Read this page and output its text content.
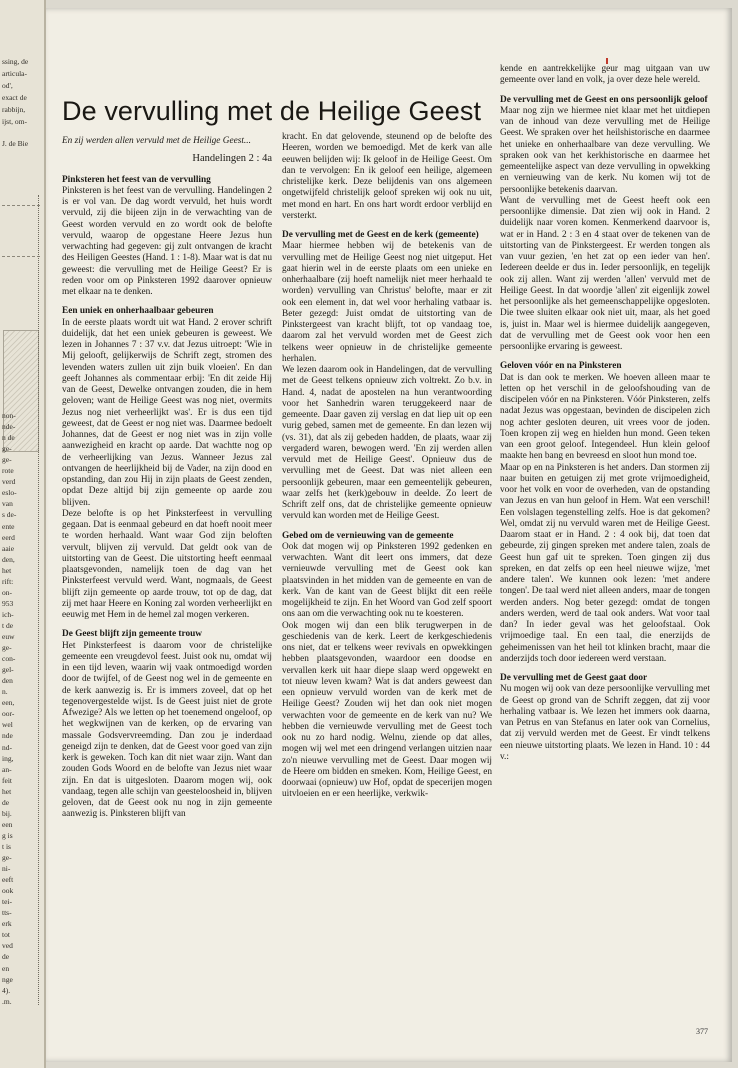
ssing, de
articula-
od',
exact de
rabbijn,
ijst, om-
J. de Bie
non-
nde-
n de
ge-
ge-
rote
verd
eslo-
van
s de-
ente
eerd
aaie
den,
het
rift:
on-
953
ich-
t de
euw
ge-
con-
gel-
den
n.
een,
oor-
wel
nde
nd-
ing,
an-
feit
het
de
bij.
een
g is
t is
ge-
ni-
eeft
ook
tei-
tts-
erk
tot
ved
de
en
nge
4).
.m.
De vervulling met de Heilige Geest

En zij werden allen vervuld met de Heilige Geest...

Handelingen 2 : 4a

Pinksteren het feest van de vervulling

Pinksteren is het feest van de vervulling. Handelingen 2 is er vol van. De dag wordt vervuld, het huis wordt vervuld, zij die bijeen zijn in de verwachting van de Geest worden vervuld en zo wordt ook de belofte vervuld, waarop de opgestane Heere Jezus hun verwachting had gegeven: gij zult ontvangen de kracht des Heiligen Geestes (Hand. 1 : 1-8). Maar wat is dat nu geweest: die vervulling met de Heilige Geest? Er is reden voor om op Pinksteren 1992 daarover opnieuw met elkaar na te denken.

Een uniek en onherhaalbaar gebeuren

In de eerste plaats wordt uit wat Hand. 2 erover schrift duidelijk, dat het een uniek gebeuren is geweest. We lezen in Johannes 7 : 37 v.v. dat Jezus uitroept: 'Wie in Mij gelooft, gelijkerwijs de Schrift zegt, stromen des levenden waters zullen uit zijn buik vloeien'. En dan geeft Johannes als commentaar erbij: 'En dit zeide Hij van de Geest, Dewelke ontvangen zouden, die in hem geloven; want de Heilige Geest was nog niet, overmits Jezus nog niet verheerlijkt was'. Er is dus een tijd geweest, dat de Geest er nog niet was. Daarmee bedoelt Johannes, dat de Geest er nog niet was in zijn volle aanwezigheid en kracht op aarde. Dat wachtte nog op de verheerlijking van Jezus. Wanneer Jezus zal ontvangen de heerlijkheid bij de Vader, na zijn dood en opstanding, dan zou Hij in zijn plaats de Geest zenden, opdat Deze altijd bij zijn gemeente op aarde zou blijven.

Deze belofte is op het Pinksterfeest in vervulling gegaan. Dat is eenmaal gebeurd en dat hoeft nooit meer te worden herhaald. Want waar God zijn beloften vervult, blijven zij vervuld. Dat geldt ook van de uitstorting van de Geest. Die uitstorting heeft eenmaal plaatsgevonden, namelijk toen de dag van het Pinksterfeest vervuld werd. Want, nogmaals, de Geest blijft zijn gemeente op aarde trouw, tot op de dag, dat zij met haar Heere en Koning zal worden verheerlijkt en eeuwig met Hem in de hemel zal mogen verkeren.

De Geest blijft zijn gemeente trouw

Het Pinksterfeest is daarom voor de christelijke gemeente een vreugdevol feest. Juist ook nu, omdat wij in een tijd leven, waarin wij vaak ontmoedigd worden door de twijfel, of de Geest nog wel in de gemeente en de kerk aanwezig is. Er is immers zoveel, dat op het tegenovergestelde wijst. Is de Geest juist niet de grote Afwezige? Als we letten op het toenemend ongeloof, op het wegkwijnen van de kerken, op de ervaring van massale Godsvervreemding. Dan zou je inderdaad geneigd zijn te denken, dat de Geest voor goed van zijn kerk is geweken. Toch kan dit niet waar zijn. Want dan zouden Gods Woord en de belofte van Jezus niet waar zijn. En dat is uitgesloten. Daarom mogen wij, ook vandaag, tegen alle schijn van geesteloosheid in, blijven geloven, dat de Geest ook nu nog in zijn gemeente aanwezig is. Pinksteren blijft van

kracht. En dat gelovende, steunend op de belofte des Heeren, worden we bemoedigd. Met de kerk van alle eeuwen belijden wij: Ik geloof in de Heilige Geest. Om dan te vervolgen: En ik geloof een heilige, algemeen christelijke kerk. Deze belijdenis van ons algemeen ongetwijfeld christelijk geloof spreken wij ook nu uit, met mond en hart. En ons hart wordt erdoor verblijd en versterkt.

De vervulling met de Geest en de kerk (gemeente)

Maar hiermee hebben wij de betekenis van de vervulling met de Heilige Geest nog niet uitgeput. Het gaat hierin wel in de eerste plaats om een unieke en onherhaalbare (zij hoeft namelijk niet meer herhaald te worden) vervulling van Christus' belofte, maar er zit ook een element in, dat wel voor herhaling vatbaar is. Beter gezegd: Juist omdat de uitstorting van de Pinkstergeest van kracht blijft, tot op vandaag toe, daarom zal het vervuld worden met de Geest zich telkens weer opnieuw in de christelijke gemeente herhalen.

We lezen daarom ook in Handelingen, dat de vervulling met de Geest telkens opnieuw zich voltrekt. Zo b.v. in Hand. 4, nadat de apostelen na hun verantwoording voor het Sanhedrin waren teruggekeerd naar de gemeente. Daar gaven zij verslag en dat liep uit op een vurig gebed, samen met de gemeente. En dan lezen wij (vs. 31), dat als zij gebeden hadden, de plaats, waar zij vergaderd waren, bewogen werd. 'En zij werden allen vervuld met de Heilige Geest'. Opnieuw dus de vervulling met de Geest. Dat was niet alleen een persoonlijk gebeuren, maar een gemeentelijk gebeuren, waar zelfs het (kerk)gebouw in deelde. Zo leert de Schrift zelf ons, dat de christelijke gemeente opnieuw vervuld kan worden met de Heilige Geest.

Gebed om de vernieuwing van de gemeente

Ook dat mogen wij op Pinksteren 1992 gedenken en verwachten. Want dit leert ons immers, dat deze vernieuwde vervulling met de Geest ook kan plaatsvinden in het midden van de gemeente en van de kerk. Van de kant van de Geest blijkt dit een reële mogelijkheid te zijn. En het Woord van God zelf spoort ons aan om die verwachting ook nu te koesteren.

Ook mogen wij dan een blik terugwerpen in de geschiedenis van de kerk. Leert de kerkgeschiedenis ons niet, dat er telkens weer revivals en opwekkingen hebben plaatsgevonden, waardoor een doodse en vervallen kerk uit haar diepe slaap werd opgewekt en tot nieuw leven kwam? Wat is dat anders geweest dan een opnieuw vervuld worden van de kerk met de Heilige Geest? Zouden wij het dan ook niet mogen verwachten voor de gemeente en de kerk van nu? We hebben die vernieuwde vervulling met de Geest toch ook nu zo hard nodig. Welnu, ziende op dat alles, mogen wij wel met een dringend verlangen uitzien naar zo'n nieuwe vervulling met de Geest. Daar mogen wij de Heere om bidden en smeken. Kom, Heilige Geest, en doorwaai (opnieuw) uw Hof, opdat de specerijen mogen uitvloeien en er een heerlijke, verkwik-

kende en aantrekkelijke geur mag uitgaan van uw gemeente over land en volk, ja over deze hele wereld.

De vervulling met de Geest en ons persoonlijk geloof

Maar nog zijn we hiermee niet klaar met het uitdiepen van de inhoud van deze vervulling met de Heilige Geest. We spraken over het heilshistorische en daarmee het unieke en onherhaalbare van deze vervulling. We spraken ook van het kerkhistorische en daarmee het gemeentelijke aspect van deze vervulling in opwekking en vernieuwing van de kerk. Nu komen wij tot de persoonlijke betekenis daarvan.

Want de vervulling met de Geest heeft ook een persoonlijke dimensie. Dat zien wij ook in Hand. 2 duidelijk naar voren komen. Kenmerkend daarvoor is, wat er in Hand. 2 : 3 en 4 staat over de tekenen van de uitstorting van de Pinkstergeest. Er werden tongen als van vuur gezien, 'en het zat op een ieder van hen'. Iedereen deelde er dus in. Ieder persoonlijk, en tegelijk ook zij allen. Want zij werden 'allen' vervuld met de Heilige Geest. In dat woordje 'allen' zit eigenlijk zowel het persoonlijke als het gemeenschappelijke opgesloten. Die twee sluiten elkaar ook niet uit, maar, als het goed is, juist in. Maar wel is hiermee duidelijk aangegeven, dat de vervulling met de Geest ook voor hen een persoonlijke ervaring is geweest.

Geloven vóór en na Pinksteren

Dat is dan ook te merken. We hoeven alleen maar te letten op het verschil in de geloofshouding van de discipelen vóór en na Pinksteren. Vóór Pinksteren, zelfs nadat Jezus was opgestaan, bevinden de discipelen zich nog achter gesloten deuren, uit vrees voor de joden. Toen kropen zij weg en hielden hun mond. Geen teken van een groot geloof. Integendeel. Hun klein geloof maakte hen bang en bevreesd en sloot hun mond toe.

Maar op en na Pinksteren is het anders. Dan stormen zij naar buiten en getuigen zij met grote vrijmoedigheid, voor het volk en voor de overheden, van de opstanding van Jezus en van hun geloof in Hem. Wat een verschil! Een volslagen tegenstelling zelfs. Hoe is dat gekomen? Wel, omdat zij nu vervuld waren met de Heilige Geest. Daarom staat er in Hand. 2 : 4 ook bij, dat toen dat gebeurde, zij gingen spreken met andere talen, zoals de Geest hun gaf uit te spreken. Toen gingen zij dus spreken, en dat zelfs op een heel nieuwe wijze, 'met andere talen'. We kunnen ook lezen: 'met andere tongen'. De taal werd niet alleen anders, maar de tongen werden anders. Nog beter gezegd: omdat de tongen anders werden, werd de taal ook anders. Wat voor taal dan? In ieder geval was het geloofstaal. Ook vrijmoedige taal. En een taal, die enerzijds de geheimenissen van het heil tot klinken bracht, maar die anderzijds toch door iedereen werd verstaan.

De vervulling met de Geest gaat door

Nu mogen wij ook van deze persoonlijke vervulling met de Geest op grond van de Schrift zeggen, dat zij voor herhaling vatbaar is. We lezen het immers ook daarna, van Petrus en van Stefanus en later ook van Cornelius, dat zij vervuld werden met de Geest. Er vindt telkens een nieuwe uitstorting plaats. We lezen in Hand. 10 : 44 v.:

377
